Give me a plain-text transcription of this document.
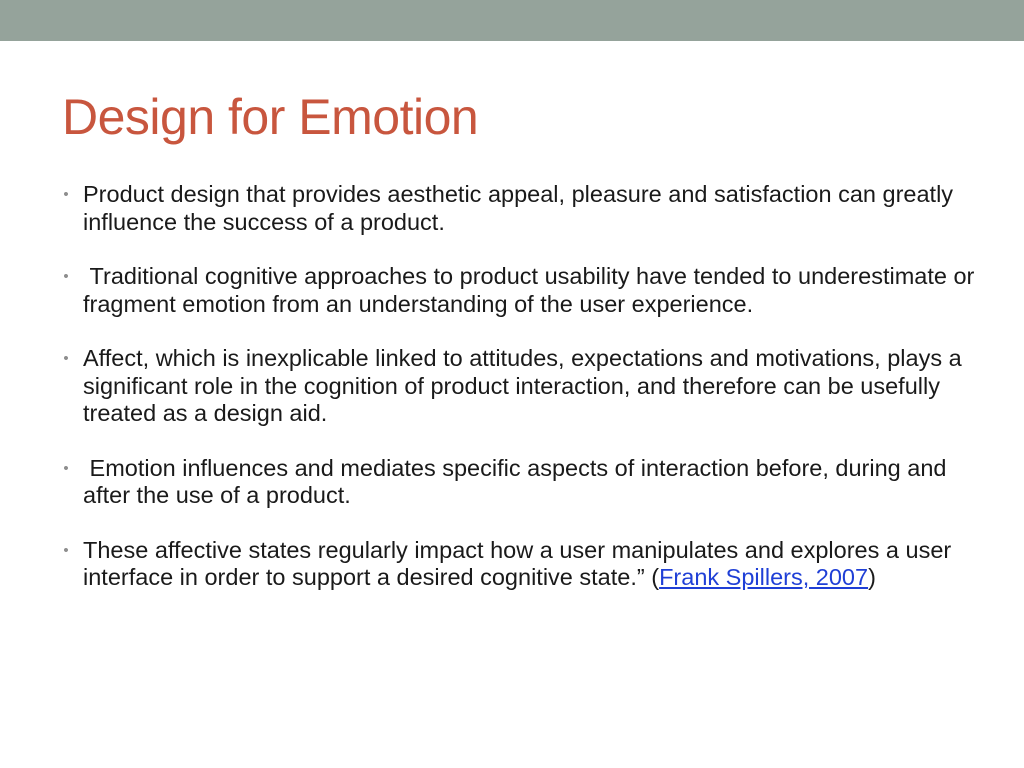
Design for Emotion
• Product design that provides aesthetic appeal, pleasure and satisfaction can greatly influence the success of a product.
• Traditional cognitive approaches to product usability have tended to underestimate or fragment emotion from an understanding of the user experience.
• Affect, which is inexplicable linked to attitudes, expectations and motivations, plays a significant role in the cognition of product interaction, and therefore can be usefully treated as a design aid.
• Emotion influences and mediates specific aspects of interaction before, during and after the use of a product.
• These affective states regularly impact how a user manipulates and explores a user interface in order to support a desired cognitive state.” (Frank Spillers, 2007)
